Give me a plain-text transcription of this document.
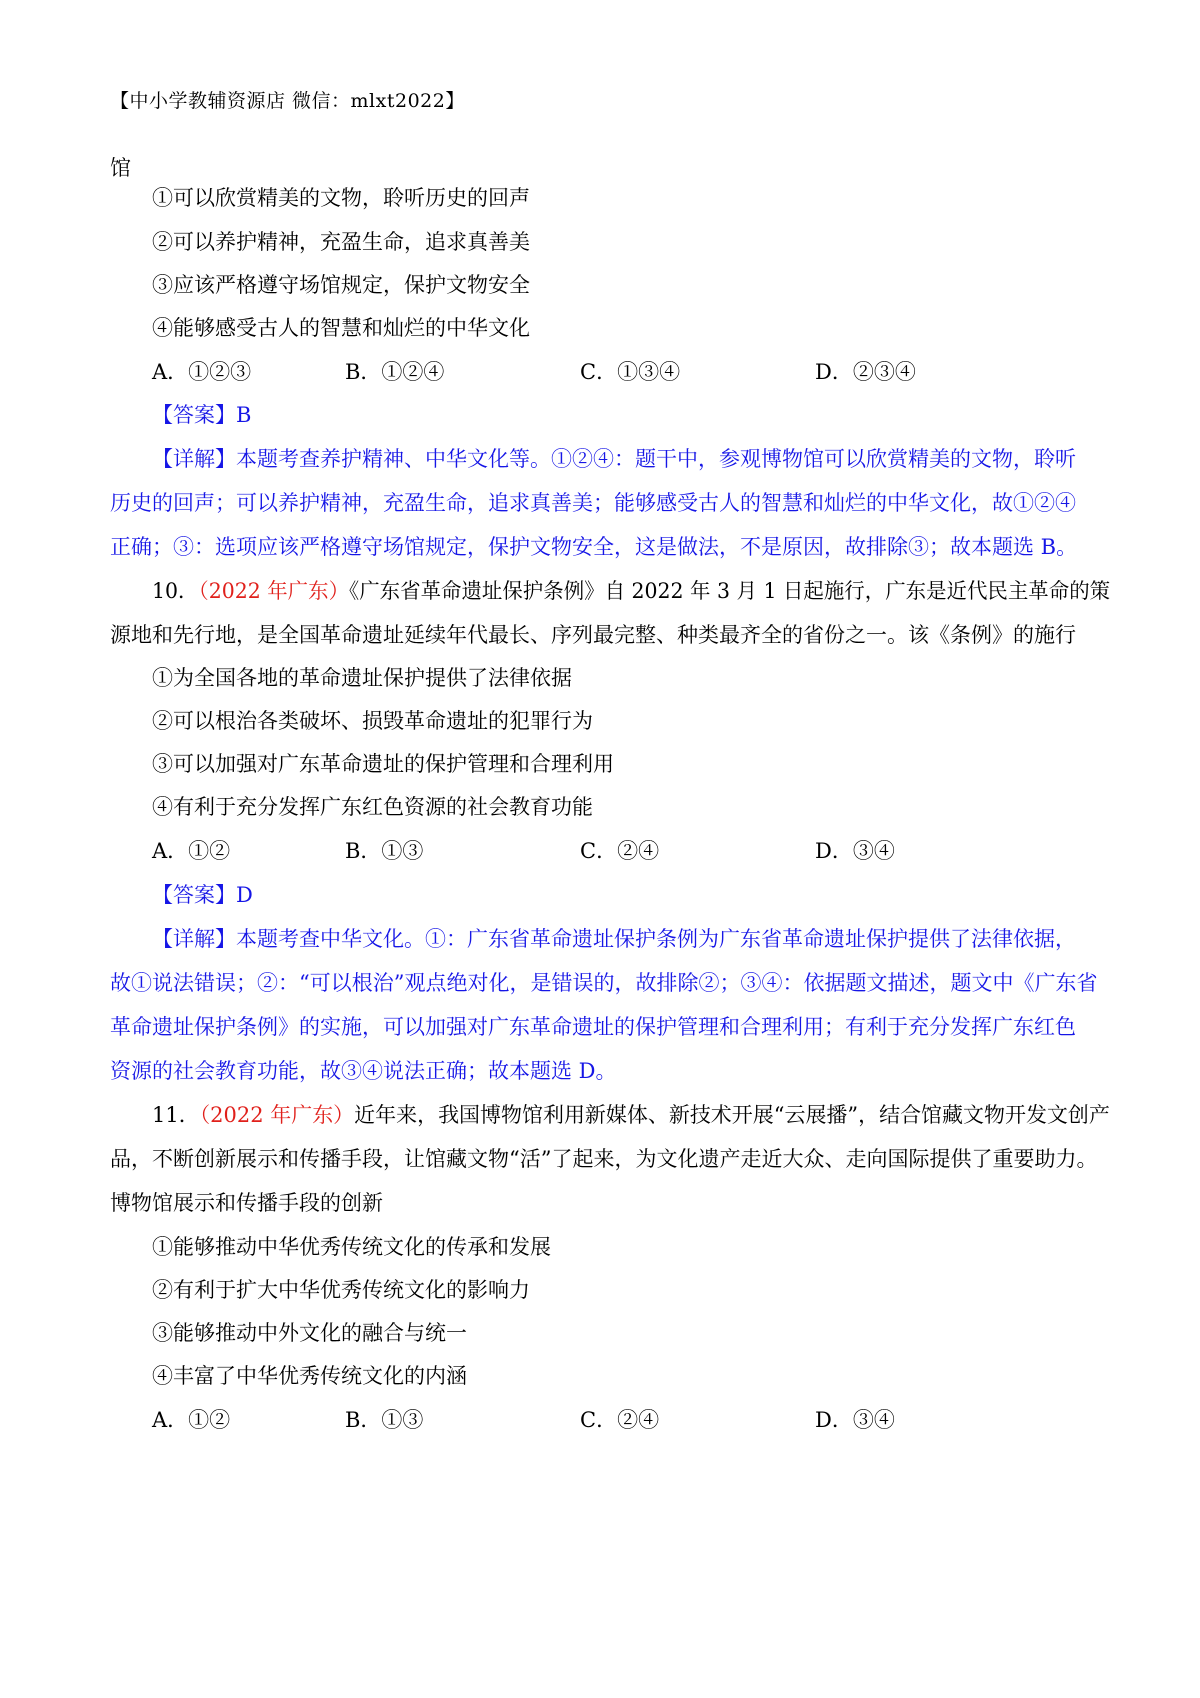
【中小学教辅资源店 微信：mlxt2022】
馆
①可以欣赏精美的文物，聆听历史的回声
②可以养护精神，充盈生命，追求真善美
③应该严格遵守场馆规定，保护文物安全
④能够感受古人的智慧和灿烂的中华文化
A．①②③	B．①②④	C．①③④	D．②③④
【答案】B
【详解】本题考查养护精神、中华文化等。①②④：题干中，参观博物馆可以欣赏精美的文物，聆听
历史的回声；可以养护精神，充盈生命，追求真善美；能够感受古人的智慧和灿烂的中华文化，故①②④
正确；③：选项应该严格遵守场馆规定，保护文物安全，这是做法，不是原因，故排除③；故本题选 B。
10．（2022 年广东）《广东省革命遗址保护条例》自 2022 年 3 月 1 日起施行，广东是近代民主革命的策
源地和先行地，是全国革命遗址延续年代最长、序列最完整、种类最齐全的省份之一。该《条例》的施行
①为全国各地的革命遗址保护提供了法律依据
②可以根治各类破坏、损毁革命遗址的犯罪行为
③可以加强对广东革命遗址的保护管理和合理利用
④有利于充分发挥广东红色资源的社会教育功能
A．①②	B．①③	C．②④	D．③④
【答案】D
【详解】本题考查中华文化。①：广东省革命遗址保护条例为广东省革命遗址保护提供了法律依据，
故①说法错误；②：“可以根治”观点绝对化，是错误的，故排除②；③④：依据题文描述，题文中《广东省
革命遗址保护条例》的实施，可以加强对广东革命遗址的保护管理和合理利用；有利于充分发挥广东红色
资源的社会教育功能，故③④说法正确；故本题选 D。
11．（2022 年广东）近年来，我国博物馆利用新媒体、新技术开展“云展播”，结合馆藏文物开发文创产
品，不断创新展示和传播手段，让馆藏文物“活”了起来，为文化遗产走近大众、走向国际提供了重要助力。
博物馆展示和传播手段的创新
①能够推动中华优秀传统文化的传承和发展
②有利于扩大中华优秀传统文化的影响力
③能够推动中外文化的融合与统一
④丰富了中华优秀传统文化的内涵
A．①②	B．①③	C．②④	D．③④
